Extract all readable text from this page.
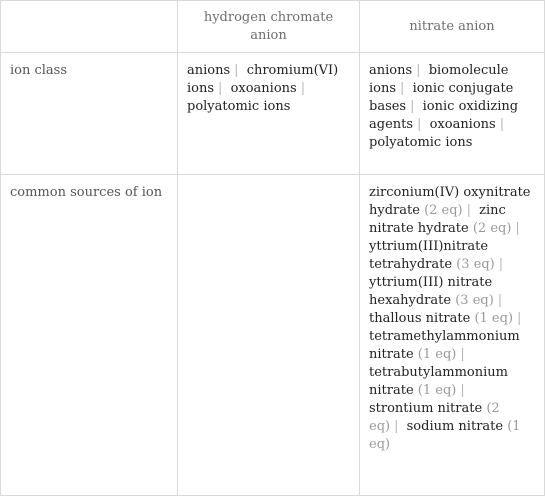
	hydrogen chromate anion	nitrate anion
ion class	anions | chromium(VI) ions | oxoanions | polyatomic ions	anions | biomolecule ions | ionic conjugate bases | ionic oxidizing agents | oxoanions | polyatomic ions
common sources of ion		zirconium(IV) oxynitrate hydrate (2 eq) | zinc nitrate hydrate (2 eq) | yttrium(III)nitrate tetrahydrate (3 eq) | yttrium(III) nitrate hexahydrate (3 eq) | thallous nitrate (1 eq) | tetramethylammonium nitrate (1 eq) | tetrabutylammonium nitrate (1 eq) | strontium nitrate (2 eq) | sodium nitrate (1 eq)
